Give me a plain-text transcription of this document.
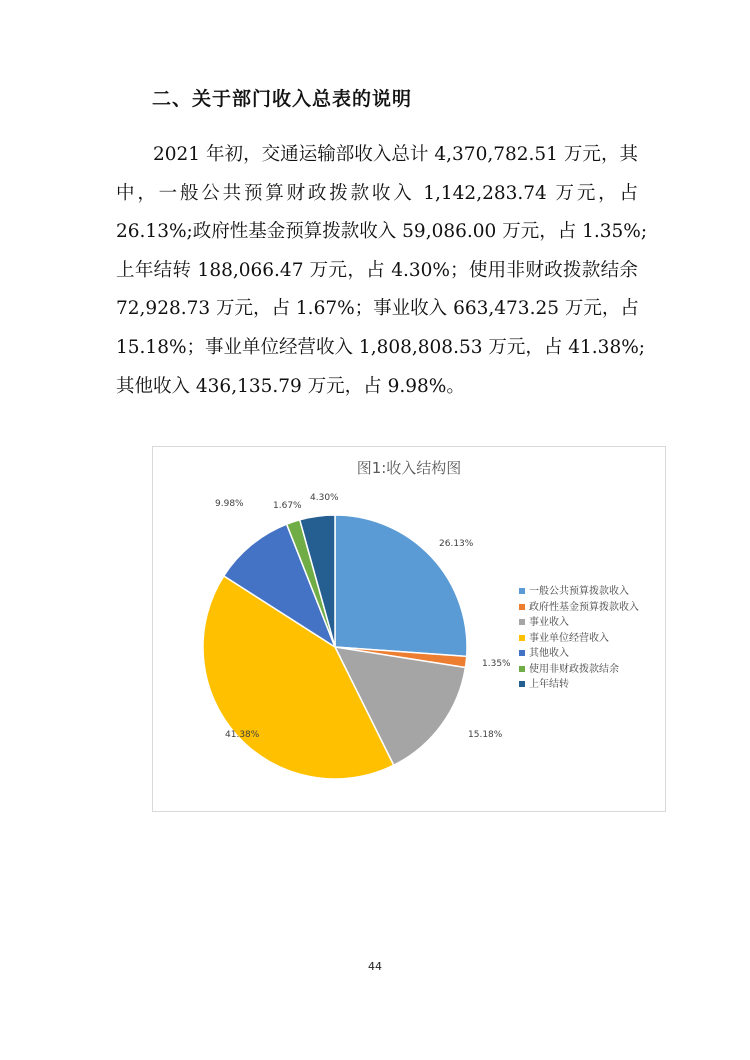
二、关于部门收入总表的说明
2021 年初，交通运输部收入总计 4,370,782.51 万元，其
中，一般公共预算财政拨款收入 1,142,283.74 万元，占
26.13%;政府性基金预算拨款收入 59,086.00 万元，占 1.35%;
上年结转 188,066.47 万元，占 4.30%；使用非财政拨款结余
72,928.73 万元，占 1.67%；事业收入 663,473.25 万元，占
15.18%；事业单位经营收入 1,808,808.53 万元，占 41.38%;
其他收入 436,135.79 万元，占 9.98%。
图1:收入结构图
26.13%
1.35%
15.18%
41.38%
9.98%	1.67%
4.30%
一般公共预算拨款收入
政府性基金预算拨款收入
事业收入
事业单位经营收入
其他收入
使用非财政拨款结余
上年结转
44
